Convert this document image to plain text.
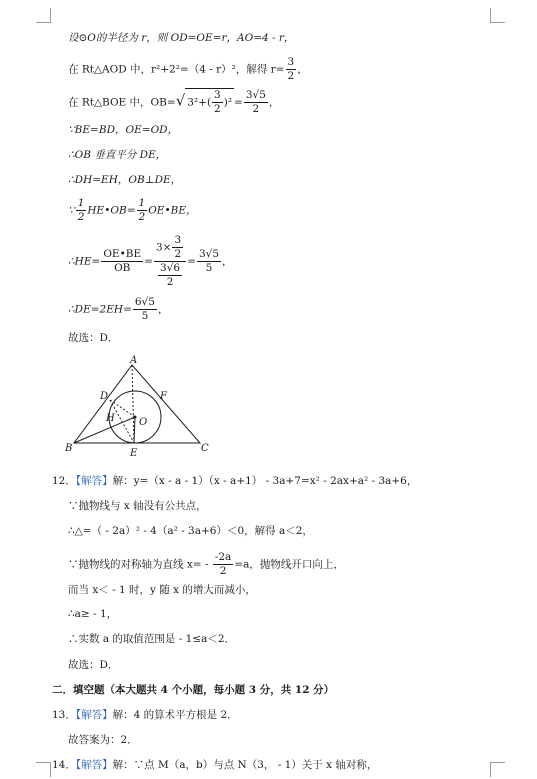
设⊙O的半径为 r，则 OD=OE=r，AO=4 - r，
在 Rt△AOD 中，r²+2²=（4 - r）²，解得 $r= \frac{3}{2}$ ，
在 Rt△BOE 中，OB=√ $3^2+( \frac{3}{2} )^2 = \frac{3√5}{2}$ ，
∵BE=BD，OE=OD，
∴OB 垂直平分 DE，
∴DH=EH，OB⊥DE，
∵ $\frac{1}{2}$ HE•OB= $\frac{1}{2}$ OE•BE，
∴HE= $\frac{OE•BE}{OB} = \frac{3\times \frac{3}{2}}{\frac{3√6}{2}} = \frac{3√5}{5}$ ，
∴DE=2EH= $\frac{6√5}{5}$ ，
故选：D．
A
B	C
D
E
F
H O
12．【解答】解：y=（x - a - 1）（x - a+1） - 3a+7=x² - 2ax+a² - 3a+6，
∵抛物线与 x 轴没有公共点，
∴△=（ - 2a）² - 4（a² - 3a+6）＜0，解得 a＜2，
∵抛物线的对称轴为直线 $x= - \frac{-2a}{2} =a$，抛物线开口向上，
而当 x＜ - 1 时，y 随 x 的增大而减小，
∴a≥ - 1，
∴实数 a 的取值范围是 - 1≤a＜2．
故选：D．
二．填空题（本大题共 4 个小题，每小题 3 分，共 12 分）
13．【解答】解：4 的算术平方根是 2．
故答案为：2．
14．【解答】解：∵点 M（a，b）与点 N（3， - 1）关于 x 轴对称，
